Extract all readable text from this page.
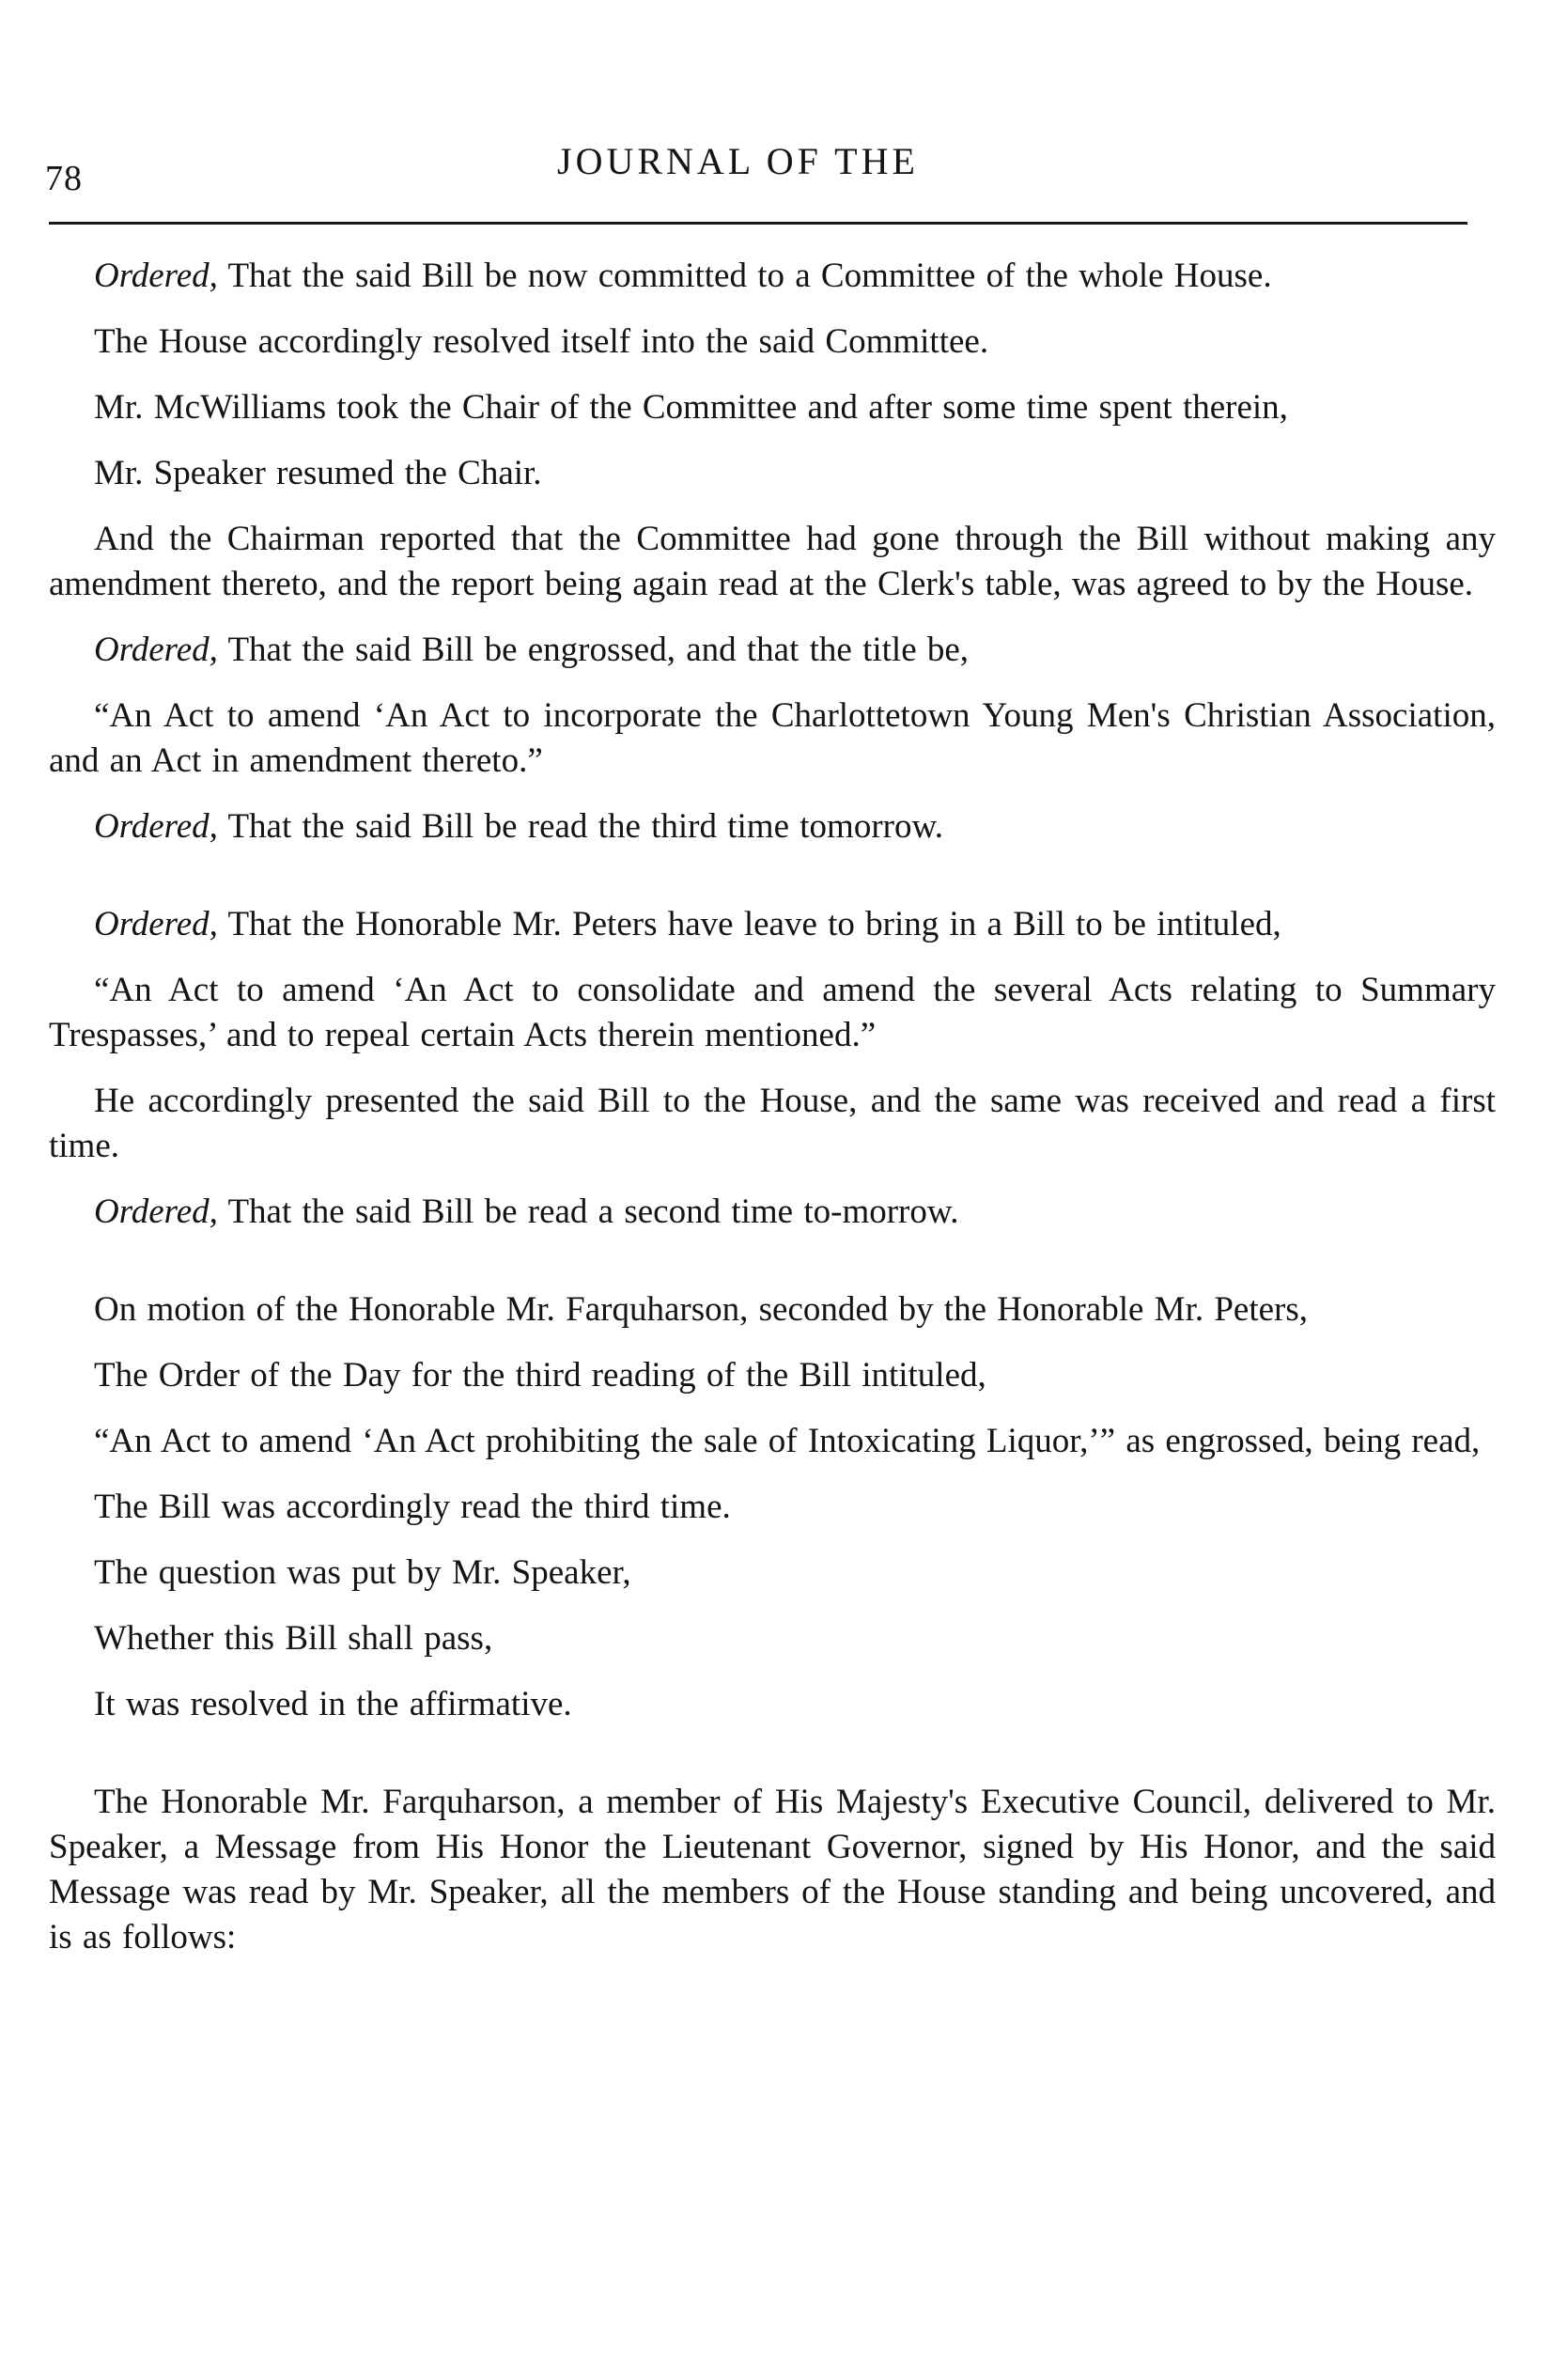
78	JOURNAL OF THE

Ordered, That the said Bill be now committed to a Committee of the whole House.

The House accordingly resolved itself into the said Committee.

Mr. McWilliams took the Chair of the Committee and after some time spent therein,

Mr. Speaker resumed the Chair.

And the Chairman reported that the Committee had gone through the Bill without making any amendment thereto, and the report being again read at the Clerk's table, was agreed to by the House.

Ordered, That the said Bill be engrossed, and that the title be,

“An Act to amend ‘An Act to incorporate the Charlottetown Young Men's Christian Association, and an Act in amendment thereto.”

Ordered, That the said Bill be read the third time tomorrow.

Ordered, That the Honorable Mr. Peters have leave to bring in a Bill to be intituled,

“An Act to amend ‘An Act to consolidate and amend the several Acts relating to Summary Trespasses,’ and to repeal certain Acts therein mentioned.”

He accordingly presented the said Bill to the House, and the same was received and read a first time.

Ordered, That the said Bill be read a second time to-morrow.

On motion of the Honorable Mr. Farquharson, seconded by the Honorable Mr. Peters,

The Order of the Day for the third reading of the Bill intituled,

“An Act to amend ‘An Act prohibiting the sale of Intoxicating Liquor,’” as engrossed, being read,

The Bill was accordingly read the third time.

The question was put by Mr. Speaker,

Whether this Bill shall pass,

It was resolved in the affirmative.

The Honorable Mr. Farquharson, a member of His Majesty's Executive Council, delivered to Mr. Speaker, a Message from His Honor the Lieutenant Governor, signed by His Honor, and the said Message was read by Mr. Speaker, all the members of the House standing and being uncovered, and is as follows:
